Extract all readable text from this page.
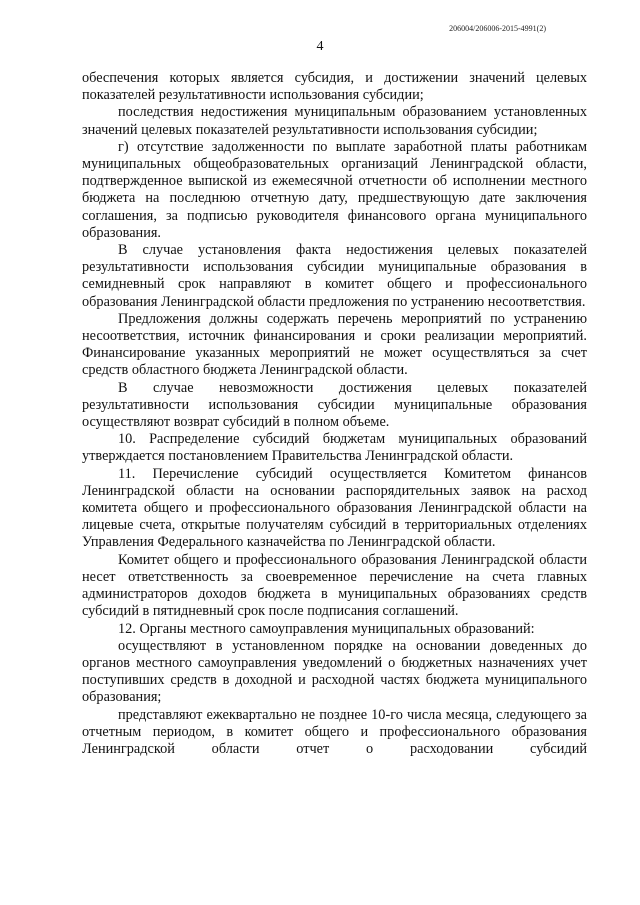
206004/206006-2015-4991(2)
4

обеспечения которых является субсидия, и достижении значений целевых показателей результативности использования субсидии;

последствия недостижения муниципальным образованием установленных значений целевых показателей результативности использования субсидии;

г) отсутствие задолженности по выплате заработной платы работникам муниципальных общеобразовательных организаций Ленинградской области, подтвержденное выпиской из ежемесячной отчетности об исполнении местного бюджета на последнюю отчетную дату, предшествующую дате заключения соглашения, за подписью руководителя финансового органа муниципального образования.

В случае установления факта недостижения целевых показателей результативности использования субсидии муниципальные образования в семидневный срок направляют в комитет общего и профессионального образования Ленинградской области предложения по устранению несоответствия.

Предложения должны содержать перечень мероприятий по устранению несоответствия, источник финансирования и сроки реализации мероприятий. Финансирование указанных мероприятий не может осуществляться за счет средств областного бюджета Ленинградской области.

В случае невозможности достижения целевых показателей результативности использования субсидии муниципальные образования осуществляют возврат субсидий в полном объеме.

10. Распределение субсидий бюджетам муниципальных образований утверждается постановлением Правительства Ленинградской области.

11. Перечисление субсидий осуществляется Комитетом финансов Ленинградской области на основании распорядительных заявок на расход комитета общего и профессионального образования Ленинградской области на лицевые счета, открытые получателям субсидий в территориальных отделениях Управления Федерального казначейства по Ленинградской области.

Комитет общего и профессионального образования Ленинградской области несет ответственность за своевременное перечисление на счета главных администраторов доходов бюджета в муниципальных образованиях средств субсидий в пятидневный срок после подписания соглашений.

12. Органы местного самоуправления муниципальных образований:

осуществляют в установленном порядке на основании доведенных до органов местного самоуправления уведомлений о бюджетных назначениях учет поступивших средств в доходной и расходной частях бюджета муниципального образования;

представляют ежеквартально не позднее 10-го числа месяца, следующего за отчетным периодом, в комитет общего и профессионального образования Ленинградской области отчет о расходовании субсидий
